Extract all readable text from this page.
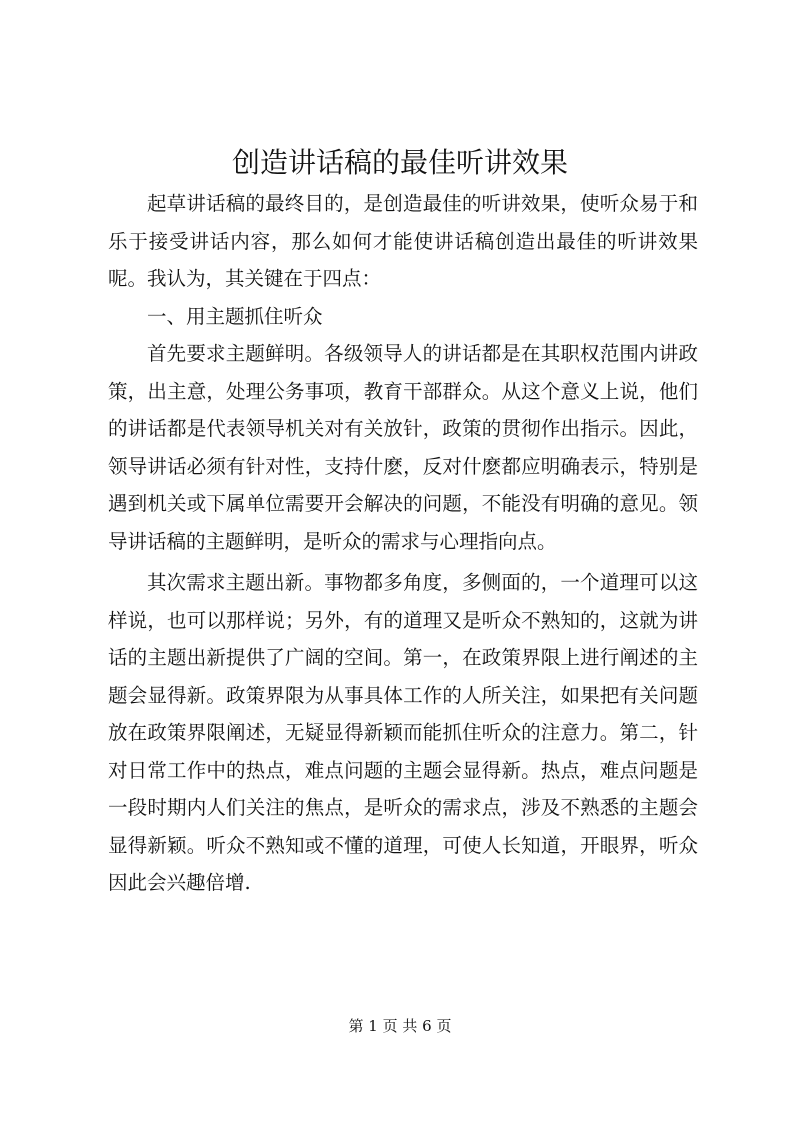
创造讲话稿的最佳听讲效果

起草讲话稿的最终目的，是创造最佳的听讲效果，使听众易于和乐于接受讲话内容，那么如何才能使讲话稿创造出最佳的听讲效果呢。我认为，其关键在于四点：

一、用主题抓住听众

首先要求主题鲜明。各级领导人的讲话都是在其职权范围内讲政策，出主意，处理公务事项，教育干部群众。从这个意义上说，他们的讲话都是代表领导机关对有关放针，政策的贯彻作出指示。因此，领导讲话必须有针对性，支持什麽，反对什麽都应明确表示，特别是遇到机关或下属单位需要开会解决的问题，不能没有明确的意见。领导讲话稿的主题鲜明，是听众的需求与心理指向点。

其次需求主题出新。事物都多角度，多侧面的，一个道理可以这样说，也可以那样说；另外，有的道理又是听众不熟知的，这就为讲话的主题出新提供了广阔的空间。第一，在政策界限上进行阐述的主题会显得新。政策界限为从事具体工作的人所关注，如果把有关问题放在政策界限阐述，无疑显得新颖而能抓住听众的注意力。第二，针对日常工作中的热点，难点问题的主题会显得新。热点，难点问题是一段时期内人们关注的焦点，是听众的需求点，涉及不熟悉的主题会显得新颖。听众不熟知或不懂的道理，可使人长知道，开眼界，听众因此会兴趣倍增.

第 1 页 共 6 页
